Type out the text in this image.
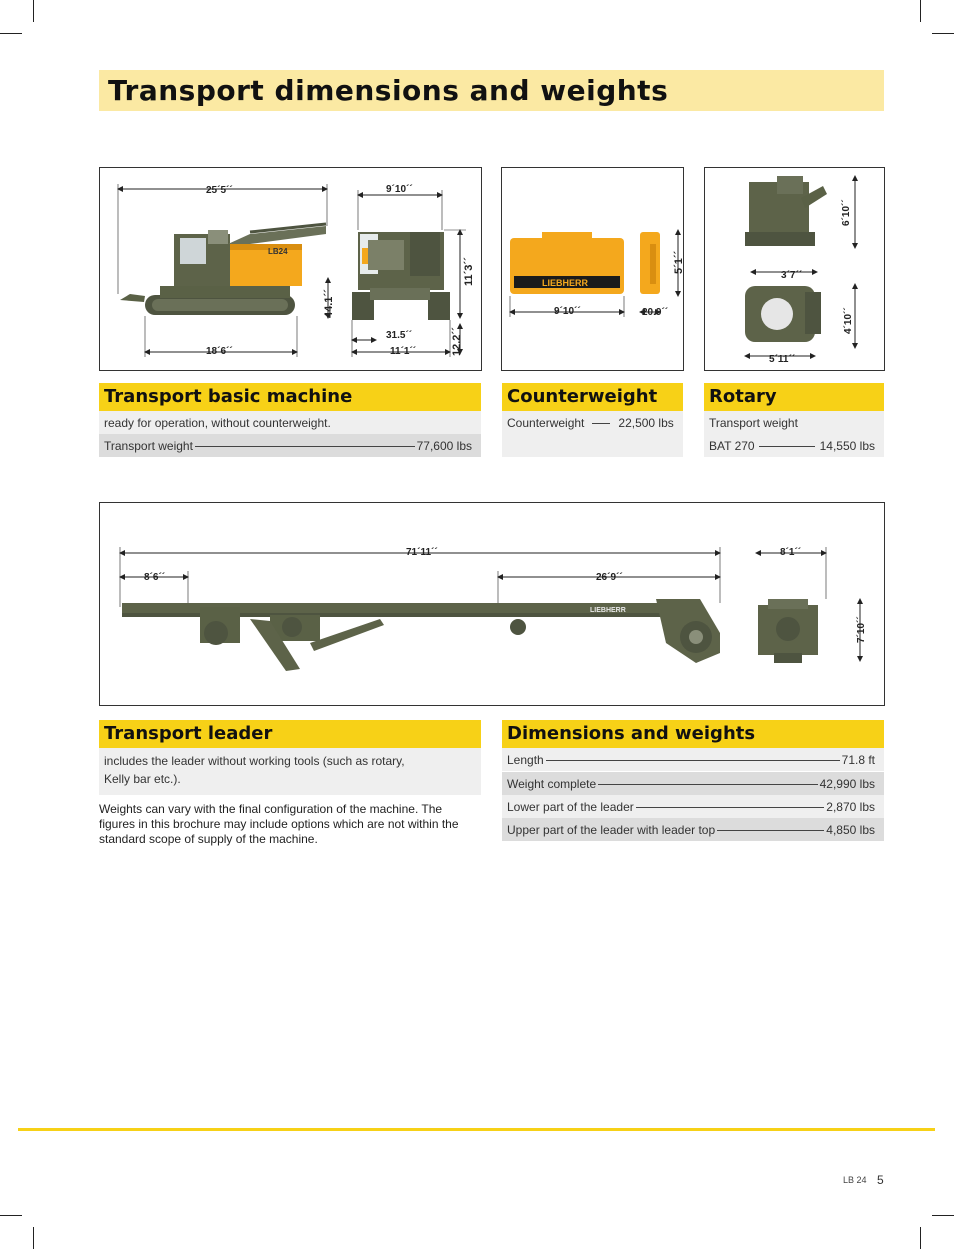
Transport dimensions and weights
LB24
25´5´´
18´6´´
44.1´´
9´10´´
11´3´´
31.5´´
11´1´´	12.2´´
LIEBHERR
9´10´´	20.9´´
5´1´´
6´10´´
3´7´´
4´10´´
5´11´´
Transport basic machine
ready for operation, without counterweight.
Transport weight	77,600 lbs
Counterweight
Counterweight	22,500 lbs
Rotary
Transport weight
BAT 270	14,550 lbs
71´11´´
8´6´´	26´9´´
LIEBHERR
8´1´´
7´10´´
Transport leader
includes the leader without working tools (such as rotary,
Kelly bar etc.).
Weights can vary with the final configuration of the machine. The
figures in this brochure may include options which are not within the
standard scope of supply of the machine.
Dimensions and weights
Length	71.8 ft
Weight complete	42,990 lbs
Lower part of the leader	2,870 lbs
Upper part of the leader with leader top	4,850 lbs
LB 24 5
